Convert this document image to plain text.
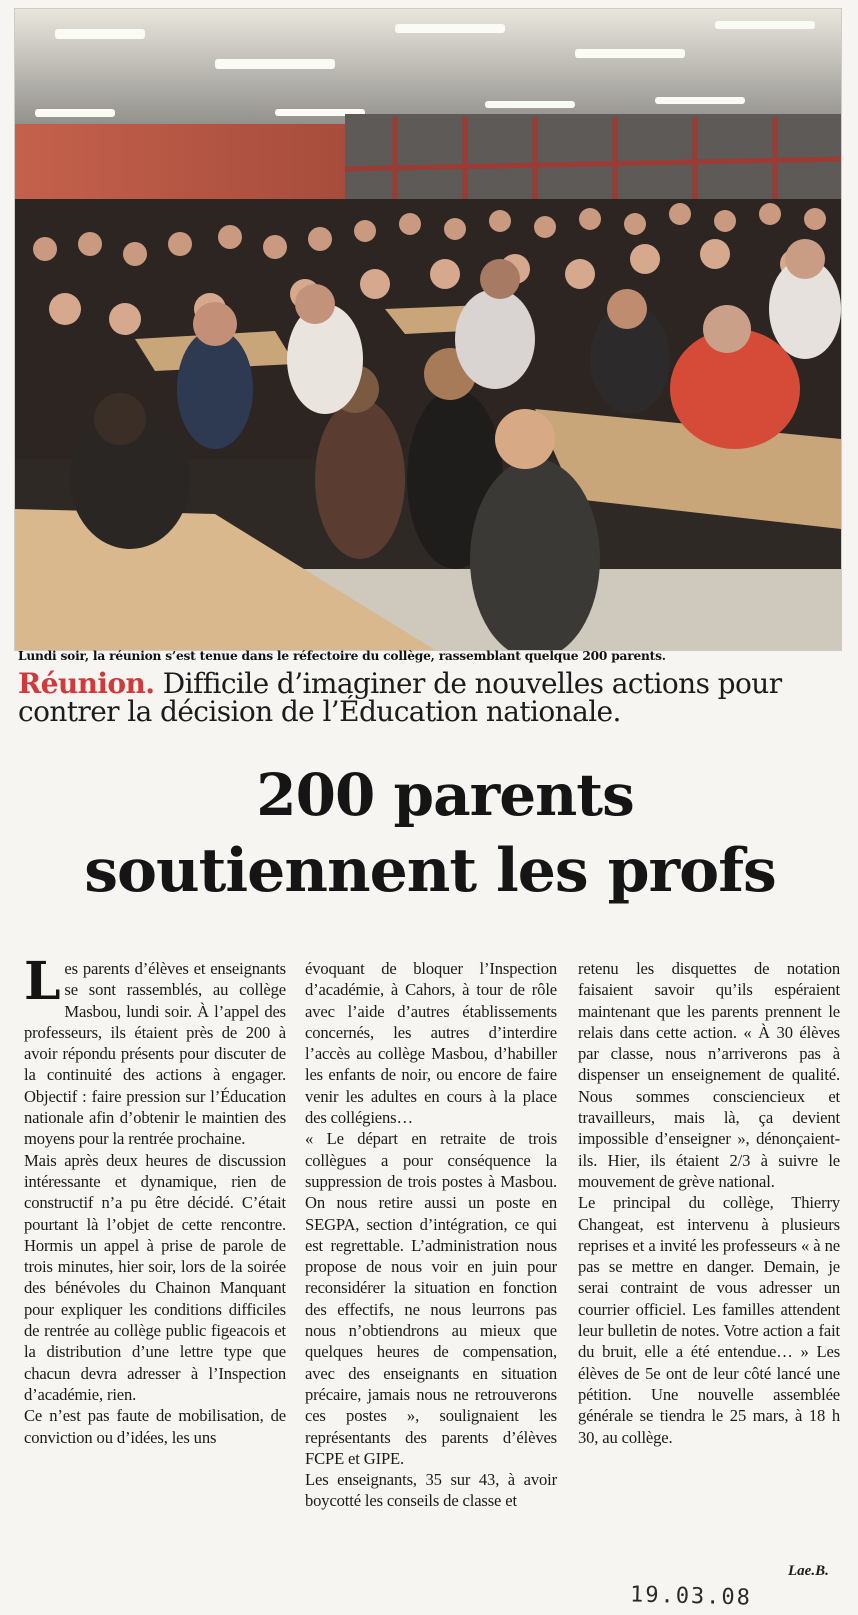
Lundi soir, la réunion s’est tenue dans le réfectoire du collège, rassemblant quelque 200 parents.
Réunion. Difficile d’imaginer de nouvelles actions pour contrer la décision de l’Éducation nationale.
200 parents
soutiennent les profs

Les parents d’élèves et enseignants se sont rassemblés, au collège Masbou, lundi soir. À l’appel des professeurs, ils étaient près de 200 à avoir répondu présents pour discuter de la continuité des actions à engager. Objectif : faire pression sur l’Éducation nationale afin d’obtenir le maintien des moyens pour la rentrée prochaine.

Mais après deux heures de discussion intéressante et dynamique, rien de constructif n’a pu être décidé. C’était pourtant là l’objet de cette rencontre. Hormis un appel à prise de parole de trois minutes, hier soir, lors de la soirée des bénévoles du Chainon Manquant pour expliquer les conditions difficiles de rentrée au collège public figeacois et la distribution d’une lettre type que chacun devra adresser à l’Inspection d’académie, rien.

Ce n’est pas faute de mobilisation, de conviction ou d’idées, les uns

évoquant de bloquer l’Inspection d’académie, à Cahors, à tour de rôle avec l’aide d’autres établissements concernés, les autres d’interdire l’accès au collège Masbou, d’habiller les enfants de noir, ou encore de faire venir les adultes en cours à la place des collégiens…

« Le départ en retraite de trois collègues a pour conséquence la suppression de trois postes à Masbou. On nous retire aussi un poste en SEGPA, section d’intégration, ce qui est regrettable. L’administration nous propose de nous voir en juin pour reconsidérer la situation en fonction des effectifs, ne nous leurrons pas nous n’obtiendrons au mieux que quelques heures de compensation, avec des enseignants en situation précaire, jamais nous ne retrouverons ces postes », soulignaient les représentants des parents d’élèves FCPE et GIPE.

Les enseignants, 35 sur 43, à avoir boycotté les conseils de classe et

retenu les disquettes de notation faisaient savoir qu’ils espéraient maintenant que les parents prennent le relais dans cette action. « À 30 élèves par classe, nous n’arriverons pas à dispenser un enseignement de qualité. Nous sommes consciencieux et travailleurs, mais là, ça devient impossible d’enseigner », dénonçaient-ils. Hier, ils étaient 2/3 à suivre le mouvement de grève national.

Le principal du collège, Thierry Changeat, est intervenu à plusieurs reprises et a invité les professeurs « à ne pas se mettre en danger. Demain, je serai contraint de vous adresser un courrier officiel. Les familles attendent leur bulletin de notes. Votre action a fait du bruit, elle a été entendue… » Les élèves de 5e ont de leur côté lancé une pétition. Une nouvelle assemblée générale se tiendra le 25 mars, à 18 h 30, au collège.

Lae.B.
19.03.08
